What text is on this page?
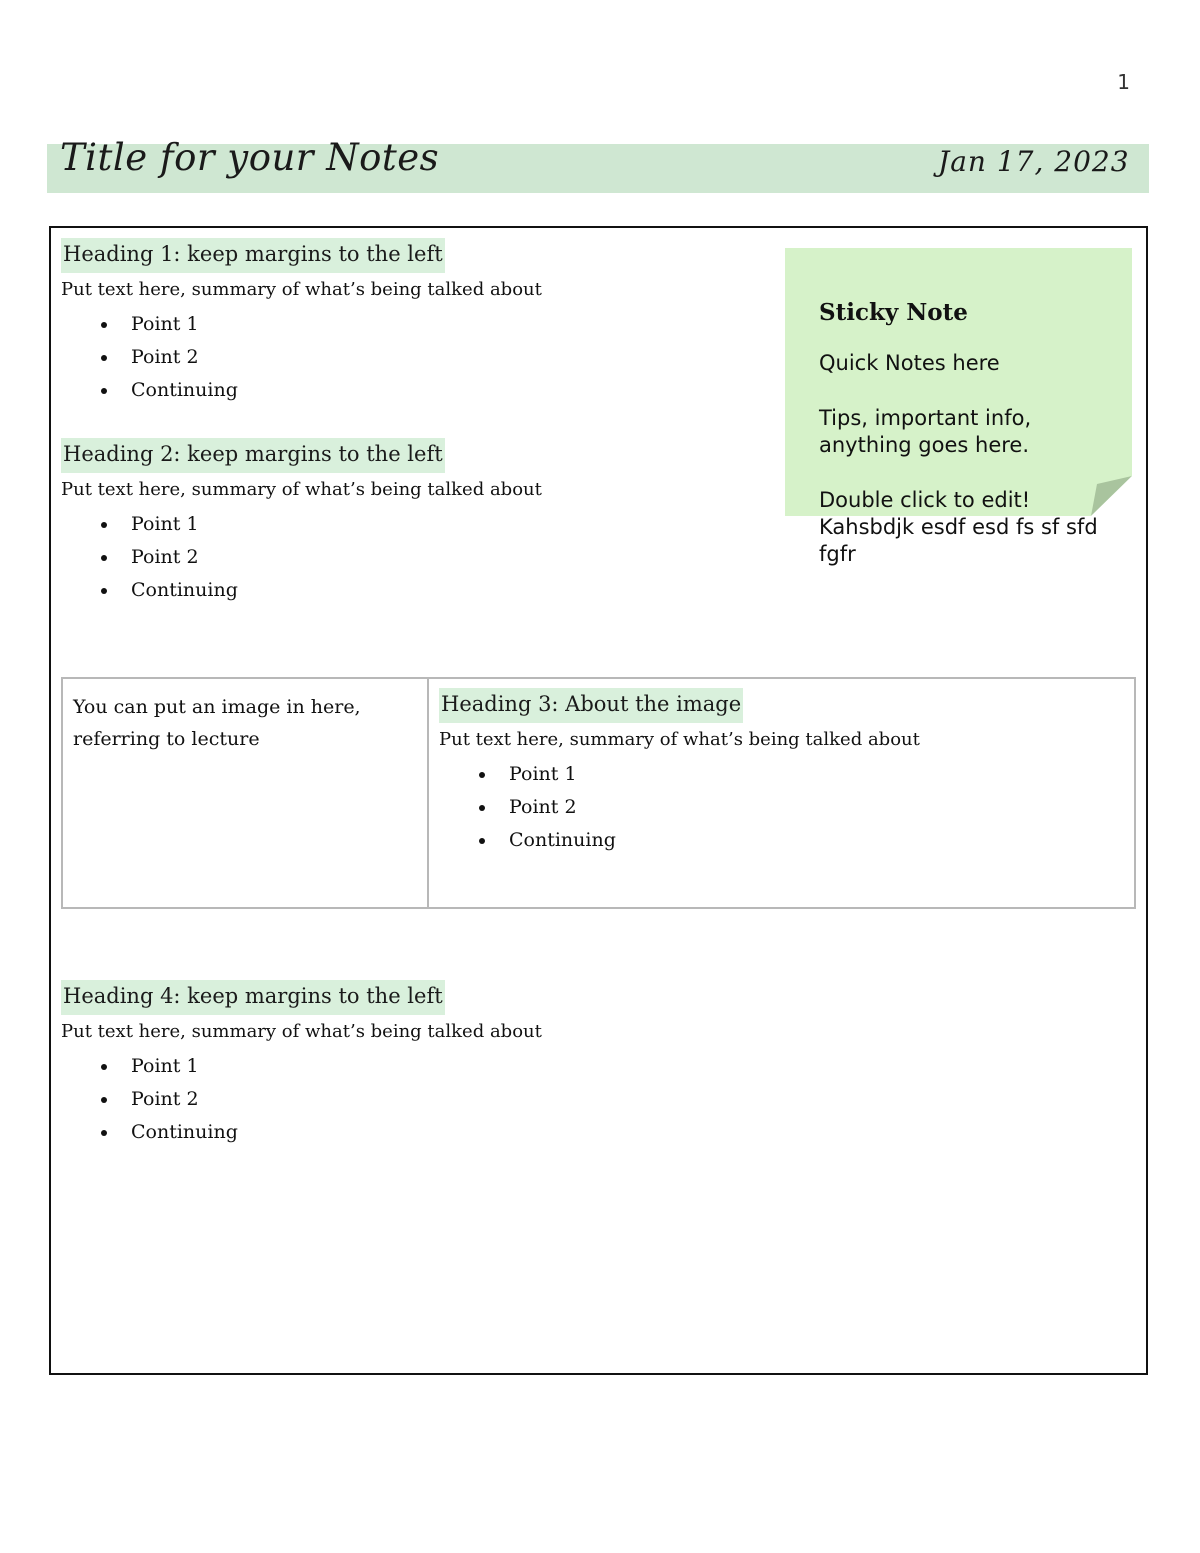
1
Title for your Notes	Jan 17, 2023
Heading 1: keep margins to the left
Put text here, summary of what’s being talked about
Point 1
Point 2
Continuing
Heading 2: keep margins to the left
Put text here, summary of what’s being talked about
Point 1
Point 2
Continuing
Sticky Note
Quick Notes here
Tips, important info, anything goes here.
Double click to edit! Kahsbdjk esdf esd fs sf sfd fgfr
You can put an image in here, referring to lecture
Heading 3: About the image
Put text here, summary of what’s being talked about
Point 1
Point 2
Continuing
Heading 4: keep margins to the left
Put text here, summary of what’s being talked about
Point 1
Point 2
Continuing
